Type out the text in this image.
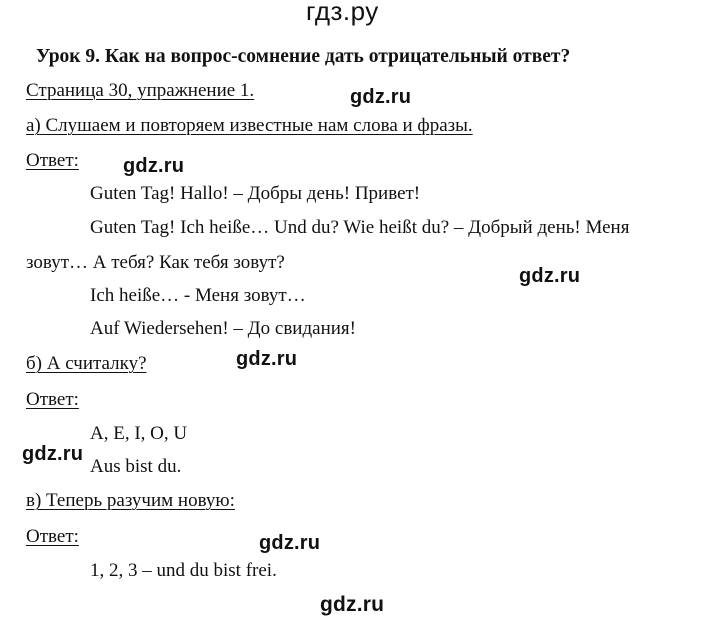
гдз.ру
Урок 9. Как на вопрос-сомнение дать отрицательный ответ?
Страница 30, упражнение 1.	gdz.ru
а) Слушаем и повторяем известные нам слова и фразы.
Ответ: gdz.ru
Guten Tag! Hallo! – Добры день! Привет!
Guten Tag! Ich heiße… Und du? Wie heißt du? – Добрый день! Меня
зовут… А тебя? Как тебя зовут?
gdz.ru
Ich heiße… - Меня зовут…
Auf Wiedersehen! – До свидания!
б) А считалку?	gdz.ru
Ответ:
A, E, I, O, U
gdz.ru
Aus bist du.
в) Теперь разучим новую:
Ответ:	gdz.ru
1, 2, 3 – und du bist frei.
gdz.ru
